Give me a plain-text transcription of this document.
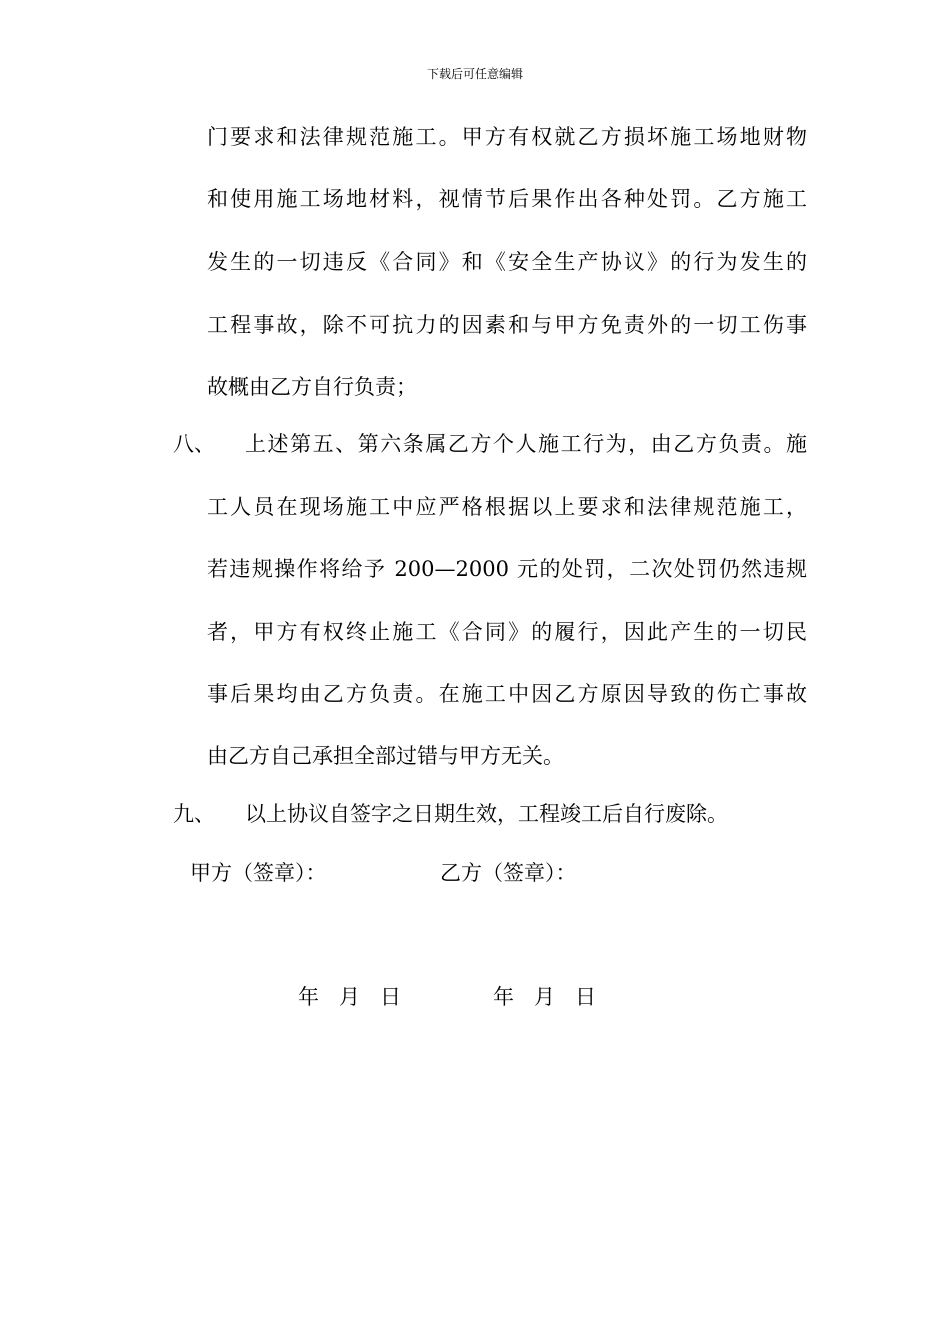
下载后可任意编辑
门要求和法律规范施工。甲方有权就乙方损坏施工场地财物
和使用施工场地材料，视情节后果作出各种处罚。乙方施工
发生的一切违反《合同》和《安全生产协议》的行为发生的
工程事故，除不可抗力的因素和与甲方免责外的一切工伤事
故概由乙方自行负责；
八、 上述第五、第六条属乙方个人施工行为，由乙方负责。施
工人员在现场施工中应严格根据以上要求和法律规范施工，
若违规操作将给予 200—2000 元的处罚，二次处罚仍然违规
者，甲方有权终止施工《合同》的履行，因此产生的一切民
事后果均由乙方负责。在施工中因乙方原因导致的伤亡事故
由乙方自己承担全部过错与甲方无关。
九、 以上协议自签字之日期生效，工程竣工后自行废除。
甲方（签章）：	乙方（签章）：
年   月   日	年   月   日
